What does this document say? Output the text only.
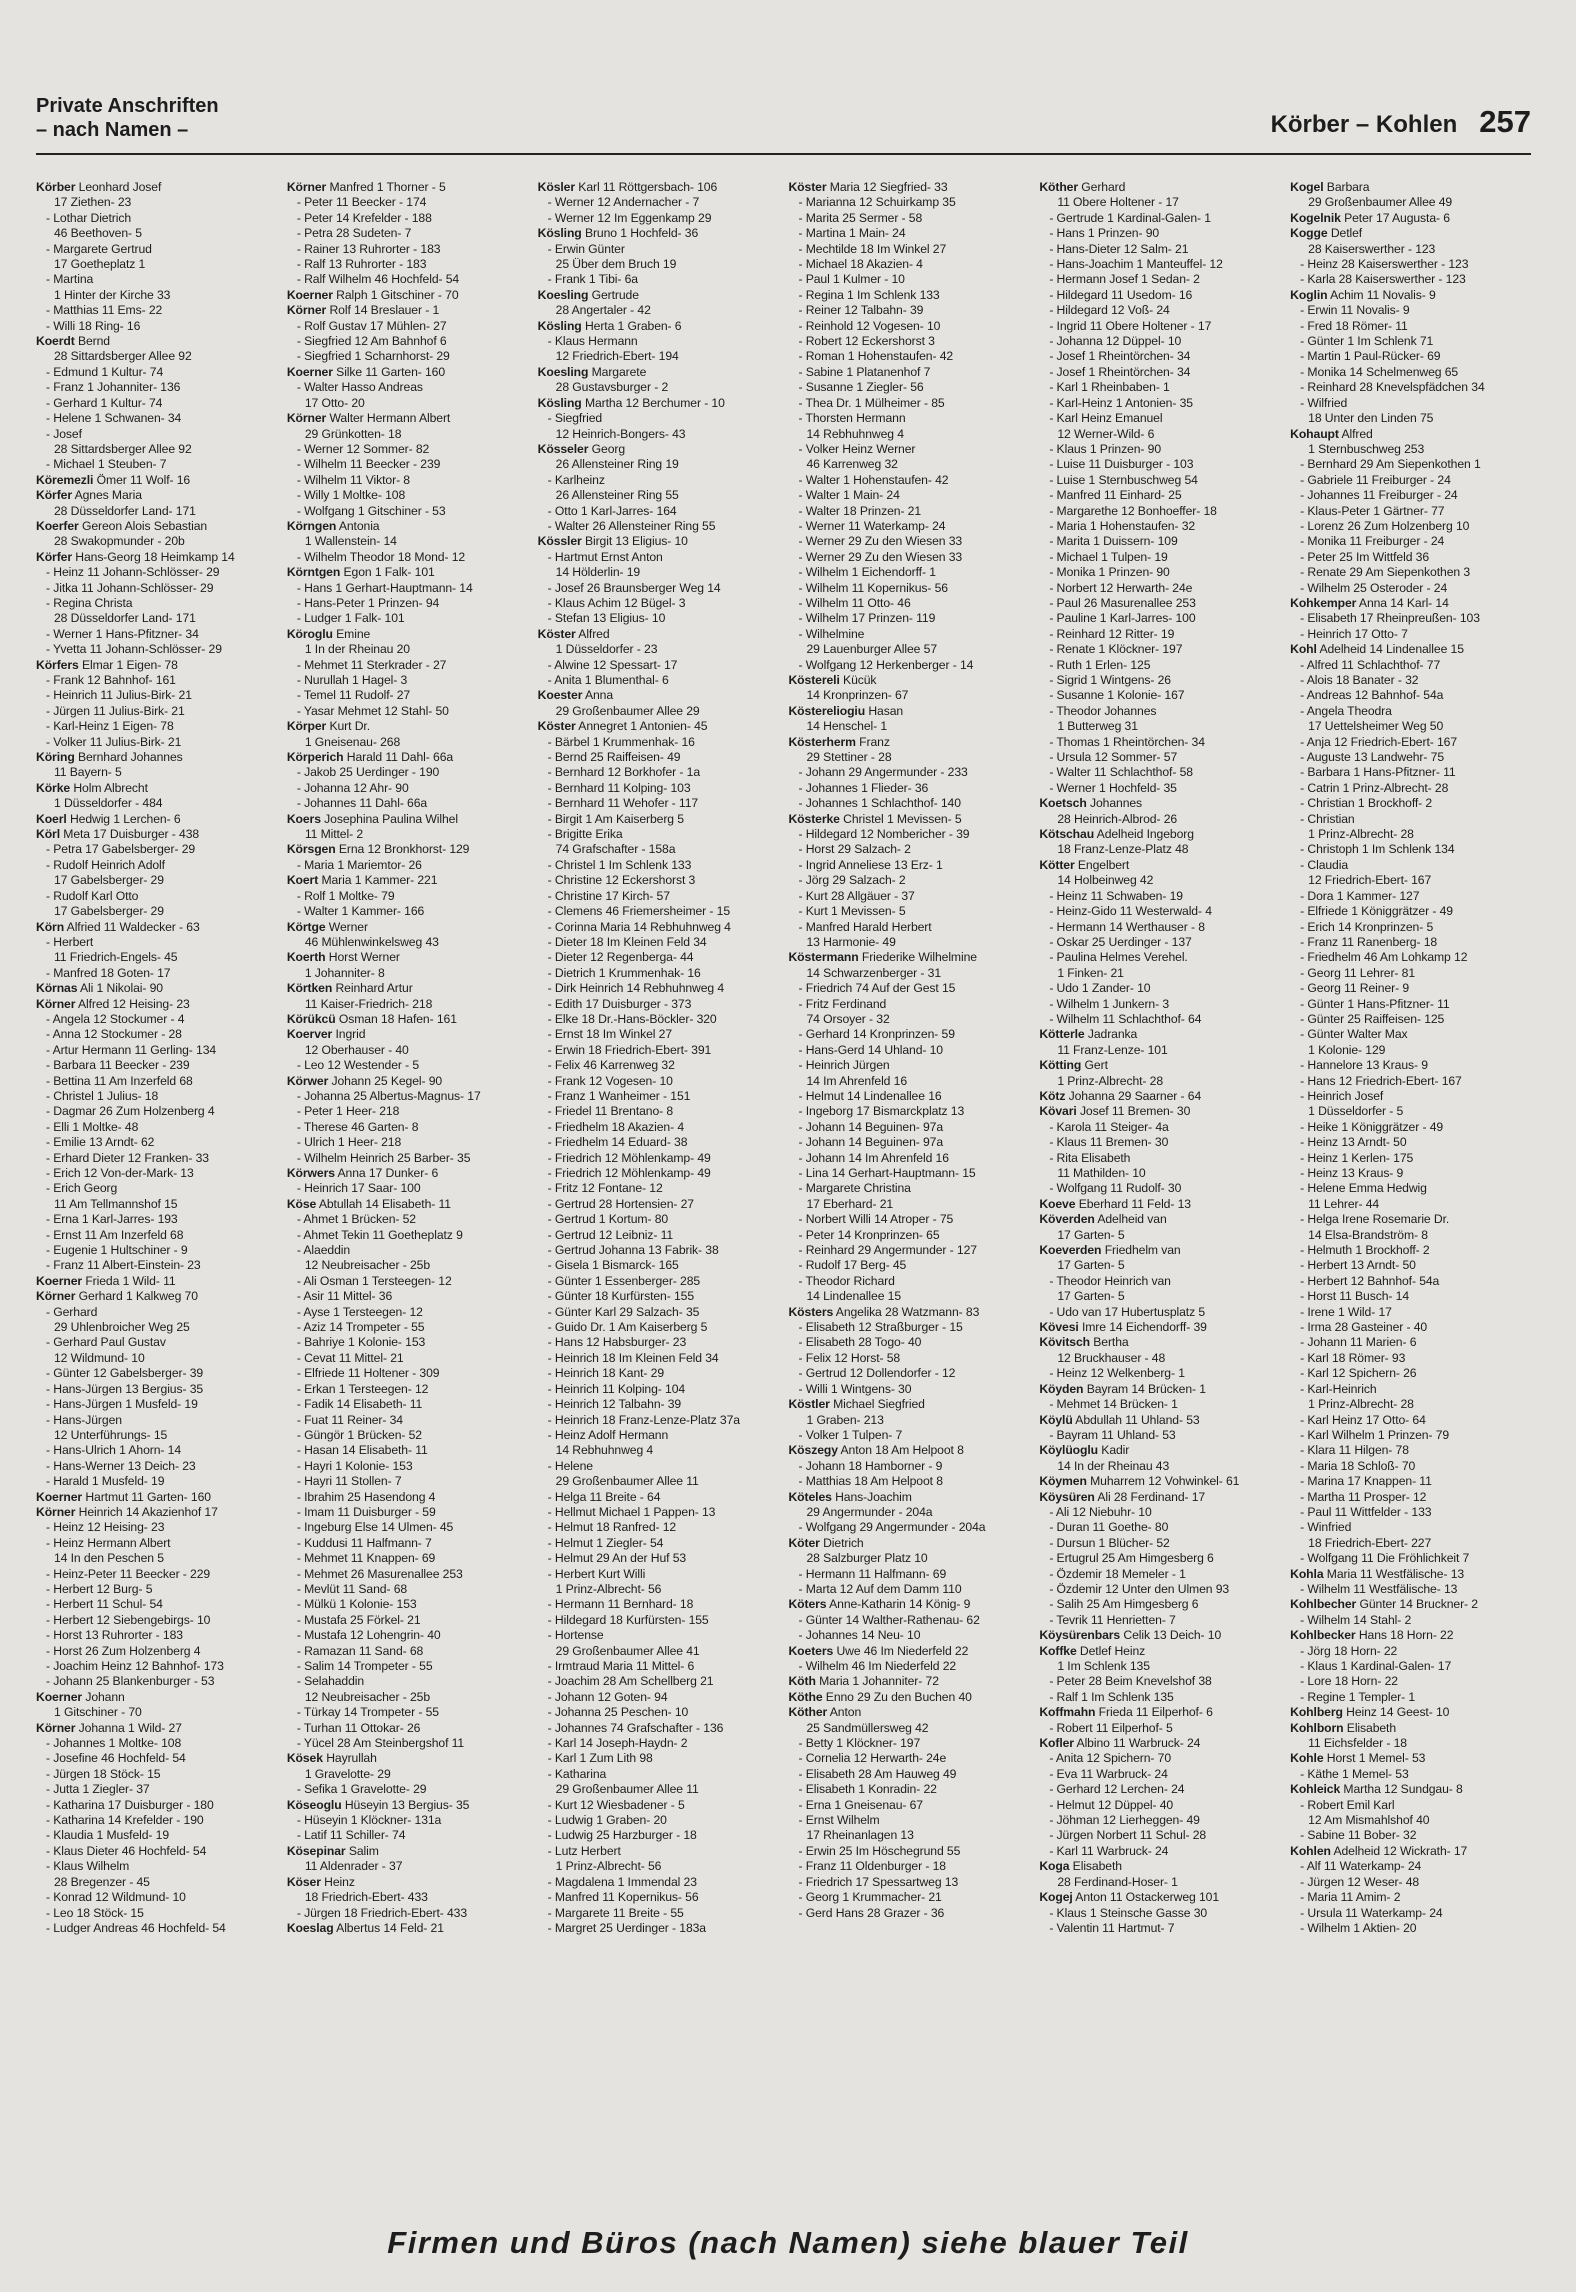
Private Anschriften
– nach Namen –	Körber – Kohlen 257
Körber Leonhard Josef
17 Ziethen- 23
- Lothar Dietrich
46 Beethoven- 5
- Margarete Gertrud
17 Goetheplatz 1
- Martina
1 Hinter der Kirche 33
- Matthias 11 Ems- 22
- Willi 18 Ring- 16
Koerdt Bernd
28 Sittardsberger Allee 92
- Edmund 1 Kultur- 74
- Franz 1 Johanniter- 136
- Gerhard 1 Kultur- 74
- Helene 1 Schwanen- 34
- Josef
28 Sittardsberger Allee 92
- Michael 1 Steuben- 7
Köremezli Ömer 11 Wolf- 16
Körfer Agnes Maria
28 Düsseldorfer Land- 171
Koerfer Gereon Alois Sebastian
28 Swakopmunder - 20b
Körfer Hans-Georg 18 Heimkamp 14
- Heinz 11 Johann-Schlösser- 29
- Jitka 11 Johann-Schlösser- 29
- Regina Christa
28 Düsseldorfer Land- 171
- Werner 1 Hans-Pfitzner- 34
- Yvetta 11 Johann-Schlösser- 29
Körfers Elmar 1 Eigen- 78
- Frank 12 Bahnhof- 161
- Heinrich 11 Julius-Birk- 21
- Jürgen 11 Julius-Birk- 21
- Karl-Heinz 1 Eigen- 78
- Volker 11 Julius-Birk- 21
Köring Bernhard Johannes
11 Bayern- 5
Körke Holm Albrecht
1 Düsseldorfer - 484
Koerl Hedwig 1 Lerchen- 6
Körl Meta 17 Duisburger - 438
- Petra 17 Gabelsberger- 29
- Rudolf Heinrich Adolf
17 Gabelsberger- 29
- Rudolf Karl Otto
17 Gabelsberger- 29
Körn Alfried 11 Waldecker - 63
- Herbert
11 Friedrich-Engels- 45
- Manfred 18 Goten- 17
Körnas Ali 1 Nikolai- 90
Körner Alfred 12 Heising- 23
- Angela 12 Stockumer - 4
- Anna 12 Stockumer - 28
- Artur Hermann 11 Gerling- 134
- Barbara 11 Beecker - 239
- Bettina 11 Am Inzerfeld 68
- Christel 1 Julius- 18
- Dagmar 26 Zum Holzenberg 4
- Elli 1 Moltke- 48
- Emilie 13 Arndt- 62
- Erhard Dieter 12 Franken- 33
- Erich 12 Von-der-Mark- 13
- Erich Georg
11 Am Tellmannshof 15
- Erna 1 Karl-Jarres- 193
- Ernst 11 Am Inzerfeld 68
- Eugenie 1 Hultschiner - 9
- Franz 11 Albert-Einstein- 23
Koerner Frieda 1 Wild- 11
Körner Gerhard 1 Kalkweg 70
- Gerhard
29 Uhlenbroicher Weg 25
- Gerhard Paul Gustav
12 Wildmund- 10
- Günter 12 Gabelsberger- 39
- Hans-Jürgen 13 Bergius- 35
- Hans-Jürgen 1 Musfeld- 19
- Hans-Jürgen
12 Unterführungs- 15
- Hans-Ulrich 1 Ahorn- 14
- Hans-Werner 13 Deich- 23
- Harald 1 Musfeld- 19
Koerner Hartmut 11 Garten- 160
Körner Heinrich 14 Akazienhof 17
- Heinz 12 Heising- 23
- Heinz Hermann Albert
14 In den Peschen 5
- Heinz-Peter 11 Beecker - 229
- Herbert 12 Burg- 5
- Herbert 11 Schul- 54
- Herbert 12 Siebengebirgs- 10
- Horst 13 Ruhrorter - 183
- Horst 26 Zum Holzenberg 4
- Joachim Heinz 12 Bahnhof- 173
- Johann 25 Blankenburger - 53
Koerner Johann
1 Gitschiner - 70
Körner Johanna 1 Wild- 27
- Johannes 1 Moltke- 108
- Josefine 46 Hochfeld- 54
- Jürgen 18 Stöck- 15
- Jutta 1 Ziegler- 37
- Katharina 17 Duisburger - 180
- Katharina 14 Krefelder - 190
- Klaudia 1 Musfeld- 19
- Klaus Dieter 46 Hochfeld- 54
- Klaus Wilhelm
28 Bregenzer - 45
- Konrad 12 Wildmund- 10
- Leo 18 Stöck- 15
- Ludger Andreas 46 Hochfeld- 54
Körner Manfred 1 Thorner - 5
- Peter 11 Beecker - 174
- Peter 14 Krefelder - 188
- Petra 28 Sudeten- 7
- Rainer 13 Ruhrorter - 183
- Ralf 13 Ruhrorter - 183
- Ralf Wilhelm 46 Hochfeld- 54
Koerner Ralph 1 Gitschiner - 70
Körner Rolf 14 Breslauer - 1
- Rolf Gustav 17 Mühlen- 27
- Siegfried 12 Am Bahnhof 6
- Siegfried 1 Scharnhorst- 29
Koerner Silke 11 Garten- 160
- Walter Hasso Andreas
17 Otto- 20
Körner Walter Hermann Albert
29 Grünkotten- 18
- Werner 12 Sommer- 82
- Wilhelm 11 Beecker - 239
- Wilhelm 11 Viktor- 8
- Willy 1 Moltke- 108
- Wolfgang 1 Gitschiner - 53
Körngen Antonia
1 Wallenstein- 14
- Wilhelm Theodor 18 Mond- 12
Körntgen Egon 1 Falk- 101
- Hans 1 Gerhart-Hauptmann- 14
- Hans-Peter 1 Prinzen- 94
- Ludger 1 Falk- 101
Köroglu Emine
1 In der Rheinau 20
- Mehmet 11 Sterkrader - 27
- Nurullah 1 Hagel- 3
- Temel 11 Rudolf- 27
- Yasar Mehmet 12 Stahl- 50
Körper Kurt Dr.
1 Gneisenau- 268
Körperich Harald 11 Dahl- 66a
- Jakob 25 Uerdinger - 190
- Johanna 12 Ahr- 90
- Johannes 11 Dahl- 66a
Koers Josephina Paulina Wilhel
11 Mittel- 2
Körsgen Erna 12 Bronkhorst- 129
- Maria 1 Mariemtor- 26
Koert Maria 1 Kammer- 221
- Rolf 1 Moltke- 79
- Walter 1 Kammer- 166
Körtge Werner
46 Mühlenwinkelsweg 43
Koerth Horst Werner
1 Johanniter- 8
Körtken Reinhard Artur
11 Kaiser-Friedrich- 218
Körükcü Osman 18 Hafen- 161
Koerver Ingrid
12 Oberhauser - 40
- Leo 12 Westender - 5
Körwer Johann 25 Kegel- 90
- Johanna 25 Albertus-Magnus- 17
- Peter 1 Heer- 218
- Therese 46 Garten- 8
- Ulrich 1 Heer- 218
- Wilhelm Heinrich 25 Barber- 35
Körwers Anna 17 Dunker- 6
- Heinrich 17 Saar- 100
Köse Abtullah 14 Elisabeth- 11
- Ahmet 1 Brücken- 52
- Ahmet Tekin 11 Goetheplatz 9
- Alaeddin
12 Neubreisacher - 25b
- Ali Osman 1 Tersteegen- 12
- Asir 11 Mittel- 36
- Ayse 1 Tersteegen- 12
- Aziz 14 Trompeter - 55
- Bahriye 1 Kolonie- 153
- Cevat 11 Mittel- 21
- Elfriede 11 Holtener - 309
- Erkan 1 Tersteegen- 12
- Fadik 14 Elisabeth- 11
- Fuat 11 Reiner- 34
- Güngör 1 Brücken- 52
- Hasan 14 Elisabeth- 11
- Hayri 1 Kolonie- 153
- Hayri 11 Stollen- 7
- Ibrahim 25 Hasendong 4
- Imam 11 Duisburger - 59
- Ingeburg Else 14 Ulmen- 45
- Kuddusi 11 Halfmann- 7
- Mehmet 11 Knappen- 69
- Mehmet 26 Masurenallee 253
- Mevlüt 11 Sand- 68
- Mülkü 1 Kolonie- 153
- Mustafa 25 Förkel- 21
- Mustafa 12 Lohengrin- 40
- Ramazan 11 Sand- 68
- Salim 14 Trompeter - 55
- Selahaddin
12 Neubreisacher - 25b
- Türkay 14 Trompeter - 55
- Turhan 11 Ottokar- 26
- Yücel 28 Am Steinbergshof 11
Kösek Hayrullah
1 Gravelotte- 29
- Sefika 1 Gravelotte- 29
Köseoglu Hüseyin 13 Bergius- 35
- Hüseyin 1 Klöckner- 131a
- Latif 11 Schiller- 74
Kösepinar Salim
11 Aldenrader - 37
Köser Heinz
18 Friedrich-Ebert- 433
- Jürgen 18 Friedrich-Ebert- 433
Koeslag Albertus 14 Feld- 21
Kösler Karl 11 Röttgersbach- 106
- Werner 12 Andernacher - 7
- Werner 12 Im Eggenkamp 29
Kösling Bruno 1 Hochfeld- 36
- Erwin Günter
25 Über dem Bruch 19
- Frank 1 Tibi- 6a
Koesling Gertrude
28 Angertaler - 42
Kösling Herta 1 Graben- 6
- Klaus Hermann
12 Friedrich-Ebert- 194
Koesling Margarete
28 Gustavsburger - 2
Kösling Martha 12 Berchumer - 10
- Siegfried
12 Heinrich-Bongers- 43
Kösseler Georg
26 Allensteiner Ring 19
- Karlheinz
26 Allensteiner Ring 55
- Otto 1 Karl-Jarres- 164
- Walter 26 Allensteiner Ring 55
Kössler Birgit 13 Eligius- 10
- Hartmut Ernst Anton
14 Hölderlin- 19
- Josef 26 Braunsberger Weg 14
- Klaus Achim 12 Bügel- 3
- Stefan 13 Eligius- 10
Köster Alfred
1 Düsseldorfer - 23
- Alwine 12 Spessart- 17
- Anita 1 Blumenthal- 6
Koester Anna
29 Großenbaumer Allee 29
Köster Annegret 1 Antonien- 45
- Bärbel 1 Krummenhak- 16
- Bernd 25 Raiffeisen- 49
- Bernhard 12 Borkhofer - 1a
- Bernhard 11 Kolping- 103
- Bernhard 11 Wehofer - 117
- Birgit 1 Am Kaiserberg 5
- Brigitte Erika
74 Grafschafter - 158a
- Christel 1 Im Schlenk 133
- Christine 12 Eckershorst 3
- Christine 17 Kirch- 57
- Clemens 46 Friemersheimer - 15
- Corinna Maria 14 Rebhuhnweg 4
- Dieter 18 Im Kleinen Feld 34
- Dieter 12 Regenberga- 44
- Dietrich 1 Krummenhak- 16
- Dirk Heinrich 14 Rebhuhnweg 4
- Edith 17 Duisburger - 373
- Elke 18 Dr.-Hans-Böckler- 320
- Ernst 18 Im Winkel 27
- Erwin 18 Friedrich-Ebert- 391
- Felix 46 Karrenweg 32
- Frank 12 Vogesen- 10
- Franz 1 Wanheimer - 151
- Friedel 11 Brentano- 8
- Friedhelm 18 Akazien- 4
- Friedhelm 14 Eduard- 38
- Friedrich 12 Möhlenkamp- 49
- Friedrich 12 Möhlenkamp- 49
- Fritz 12 Fontane- 12
- Gertrud 28 Hortensien- 27
- Gertrud 1 Kortum- 80
- Gertrud 12 Leibniz- 11
- Gertrud Johanna 13 Fabrik- 38
- Gisela 1 Bismarck- 165
- Günter 1 Essenberger- 285
- Günter 18 Kurfürsten- 155
- Günter Karl 29 Salzach- 35
- Guido Dr. 1 Am Kaiserberg 5
- Hans 12 Habsburger- 23
- Heinrich 18 Im Kleinen Feld 34
- Heinrich 18 Kant- 29
- Heinrich 11 Kolping- 104
- Heinrich 12 Talbahn- 39
- Heinrich 18 Franz-Lenze-Platz 37a
- Heinz Adolf Hermann
14 Rebhuhnweg 4
- Helene
29 Großenbaumer Allee 11
- Helga 11 Breite - 64
- Hellmut Michael 1 Pappen- 13
- Helmut 18 Ranfred- 12
- Helmut 1 Ziegler- 54
- Helmut 29 An der Huf 53
- Herbert Kurt Willi
1 Prinz-Albrecht- 56
- Hermann 11 Bernhard- 18
- Hildegard 18 Kurfürsten- 155
- Hortense
29 Großenbaumer Allee 41
- Irmtraud Maria 11 Mittel- 6
- Joachim 28 Am Schellberg 21
- Johann 12 Goten- 94
- Johanna 25 Peschen- 10
- Johannes 74 Grafschafter - 136
- Karl 14 Joseph-Haydn- 2
- Karl 1 Zum Lith 98
- Katharina
29 Großenbaumer Allee 11
- Kurt 12 Wiesbadener - 5
- Ludwig 1 Graben- 20
- Ludwig 25 Harzburger - 18
- Lutz Herbert
1 Prinz-Albrecht- 56
- Magdalena 1 Immendal 23
- Manfred 11 Kopernikus- 56
- Margarete 11 Breite - 55
- Margret 25 Uerdinger - 183a
Köster Maria 12 Siegfried- 33
- Marianna 12 Schuirkamp 35
- Marita 25 Sermer - 58
- Martina 1 Main- 24
- Mechtilde 18 Im Winkel 27
- Michael 18 Akazien- 4
- Paul 1 Kulmer - 10
- Regina 1 Im Schlenk 133
- Reiner 12 Talbahn- 39
- Reinhold 12 Vogesen- 10
- Robert 12 Eckershorst 3
- Roman 1 Hohenstaufen- 42
- Sabine 1 Platanenhof 7
- Susanne 1 Ziegler- 56
- Thea Dr. 1 Mülheimer - 85
- Thorsten Hermann
14 Rebhuhnweg 4
- Volker Heinz Werner
46 Karrenweg 32
- Walter 1 Hohenstaufen- 42
- Walter 1 Main- 24
- Walter 18 Prinzen- 21
- Werner 11 Waterkamp- 24
- Werner 29 Zu den Wiesen 33
- Werner 29 Zu den Wiesen 33
- Wilhelm 1 Eichendorff- 1
- Wilhelm 11 Kopernikus- 56
- Wilhelm 11 Otto- 46
- Wilhelm 17 Prinzen- 119
- Wilhelmine
29 Lauenburger Allee 57
- Wolfgang 12 Herkenberger - 14
Köstereli Kücük
14 Kronprinzen- 67
Köstereliogiu Hasan
14 Henschel- 1
Kösterherm Franz
29 Stettiner - 28
- Johann 29 Angermunder - 233
- Johannes 1 Flieder- 36
- Johannes 1 Schlachthof- 140
Kösterke Christel 1 Mevissen- 5
- Hildegard 12 Nombericher - 39
- Horst 29 Salzach- 2
- Ingrid Anneliese 13 Erz- 1
- Jörg 29 Salzach- 2
- Kurt 28 Allgäuer - 37
- Kurt 1 Mevissen- 5
- Manfred Harald Herbert
13 Harmonie- 49
Köstermann Friederike Wilhelmine
14 Schwarzenberger - 31
- Friedrich 74 Auf der Gest 15
- Fritz Ferdinand
74 Orsoyer - 32
- Gerhard 14 Kronprinzen- 59
- Hans-Gerd 14 Uhland- 10
- Heinrich Jürgen
14 Im Ahrenfeld 16
- Helmut 14 Lindenallee 16
- Ingeborg 17 Bismarckplatz 13
- Johann 14 Beguinen- 97a
- Johann 14 Beguinen- 97a
- Johann 14 Im Ahrenfeld 16
- Lina 14 Gerhart-Hauptmann- 15
- Margarete Christina
17 Eberhard- 21
- Norbert Willi 14 Atroper - 75
- Peter 14 Kronprinzen- 65
- Reinhard 29 Angermunder - 127
- Rudolf 17 Berg- 45
- Theodor Richard
14 Lindenallee 15
Kösters Angelika 28 Watzmann- 83
- Elisabeth 12 Straßburger - 15
- Elisabeth 28 Togo- 40
- Felix 12 Horst- 58
- Gertrud 12 Dollendorfer - 12
- Willi 1 Wintgens- 30
Köstler Michael Siegfried
1 Graben- 213
- Volker 1 Tulpen- 7
Köszegy Anton 18 Am Helpoot 8
- Johann 18 Hamborner - 9
- Matthias 18 Am Helpoot 8
Köteles Hans-Joachim
29 Angermunder - 204a
- Wolfgang 29 Angermunder - 204a
Köter Dietrich
28 Salzburger Platz 10
- Hermann 11 Halfmann- 69
- Marta 12 Auf dem Damm 110
Köters Anne-Katharin 14 König- 9
- Günter 14 Walther-Rathenau- 62
- Johannes 14 Neu- 10
Koeters Uwe 46 Im Niederfeld 22
- Wilhelm 46 Im Niederfeld 22
Köth Maria 1 Johanniter- 72
Köthe Enno 29 Zu den Buchen 40
Köther Anton
25 Sandmüllersweg 42
- Betty 1 Klöckner- 197
- Cornelia 12 Herwarth- 24e
- Elisabeth 28 Am Hauweg 49
- Elisabeth 1 Konradin- 22
- Erna 1 Gneisenau- 67
- Ernst Wilhelm
17 Rheinanlagen 13
- Erwin 25 Im Höschegrund 55
- Franz 11 Oldenburger - 18
- Friedrich 17 Spessartweg 13
- Georg 1 Krummacher- 21
- Gerd Hans 28 Grazer - 36
Köther Gerhard
11 Obere Holtener - 17
- Gertrude 1 Kardinal-Galen- 1
- Hans 1 Prinzen- 90
- Hans-Dieter 12 Salm- 21
- Hans-Joachim 1 Manteuffel- 12
- Hermann Josef 1 Sedan- 2
- Hildegard 11 Usedom- 16
- Hildegard 12 Voß- 24
- Ingrid 11 Obere Holtener - 17
- Johanna 12 Düppel- 10
- Josef 1 Rheintörchen- 34
- Josef 1 Rheintörchen- 34
- Karl 1 Rheinbaben- 1
- Karl-Heinz 1 Antonien- 35
- Karl Heinz Emanuel
12 Werner-Wild- 6
- Klaus 1 Prinzen- 90
- Luise 11 Duisburger - 103
- Luise 1 Sternbuschweg 54
- Manfred 11 Einhard- 25
- Margarethe 12 Bonhoeffer- 18
- Maria 1 Hohenstaufen- 32
- Marita 1 Duissern- 109
- Michael 1 Tulpen- 19
- Monika 1 Prinzen- 90
- Norbert 12 Herwarth- 24e
- Paul 26 Masurenallee 253
- Pauline 1 Karl-Jarres- 100
- Reinhard 12 Ritter- 19
- Renate 1 Klöckner- 197
- Ruth 1 Erlen- 125
- Sigrid 1 Wintgens- 26
- Susanne 1 Kolonie- 167
- Theodor Johannes
1 Butterweg 31
- Thomas 1 Rheintörchen- 34
- Ursula 12 Sommer- 57
- Walter 11 Schlachthof- 58
- Werner 1 Hochfeld- 35
Koetsch Johannes
28 Heinrich-Albrod- 26
Kötschau Adelheid Ingeborg
18 Franz-Lenze-Platz 48
Kötter Engelbert
14 Holbeinweg 42
- Heinz 11 Schwaben- 19
- Heinz-Gido 11 Westerwald- 4
- Hermann 14 Werthauser - 8
- Oskar 25 Uerdinger - 137
- Paulina Helmes Verehel.
1 Finken- 21
- Udo 1 Zander- 10
- Wilhelm 1 Junkern- 3
- Wilhelm 11 Schlachthof- 64
Kötterle Jadranka
11 Franz-Lenze- 101
Kötting Gert
1 Prinz-Albrecht- 28
Kötz Johanna 29 Saarner - 64
Kövari Josef 11 Bremen- 30
- Karola 11 Steiger- 4a
- Klaus 11 Bremen- 30
- Rita Elisabeth
11 Mathilden- 10
- Wolfgang 11 Rudolf- 30
Koeve Eberhard 11 Feld- 13
Köverden Adelheid van
17 Garten- 5
Koeverden Friedhelm van
17 Garten- 5
- Theodor Heinrich van
17 Garten- 5
- Udo van 17 Hubertusplatz 5
Kövesi Imre 14 Eichendorff- 39
Kövitsch Bertha
12 Bruckhauser - 48
- Heinz 12 Welkenberg- 1
Köyden Bayram 14 Brücken- 1
- Mehmet 14 Brücken- 1
Köylü Abdullah 11 Uhland- 53
- Bayram 11 Uhland- 53
Köylüoglu Kadir
14 In der Rheinau 43
Köymen Muharrem 12 Vohwinkel- 61
Köysüren Ali 28 Ferdinand- 17
- Ali 12 Niebuhr- 10
- Duran 11 Goethe- 80
- Dursun 1 Blücher- 52
- Ertugrul 25 Am Himgesberg 6
- Özdemir 18 Memeler - 1
- Özdemir 12 Unter den Ulmen 93
- Salih 25 Am Himgesberg 6
- Tevrik 11 Henrietten- 7
Köysürenbars Celik 13 Deich- 10
Koffke Detlef Heinz
1 Im Schlenk 135
- Peter 28 Beim Knevelshof 38
- Ralf 1 Im Schlenk 135
Koffmahn Frieda 11 Eilperhof- 6
- Robert 11 Eilperhof- 5
Kofler Albino 11 Warbruck- 24
- Anita 12 Spichern- 70
- Eva 11 Warbruck- 24
- Gerhard 12 Lerchen- 24
- Helmut 12 Düppel- 40
- Jöhman 12 Lierheggen- 49
- Jürgen Norbert 11 Schul- 28
- Karl 11 Warbruck- 24
Koga Elisabeth
28 Ferdinand-Hoser- 1
Kogej Anton 11 Ostackerweg 101
- Klaus 1 Steinsche Gasse 30
- Valentin 11 Hartmut- 7
Kogel Barbara
29 Großenbaumer Allee 49
Kogelnik Peter 17 Augusta- 6
Kogge Detlef
28 Kaiserswerther - 123
- Heinz 28 Kaiserswerther - 123
- Karla 28 Kaiserswerther - 123
Koglin Achim 11 Novalis- 9
- Erwin 11 Novalis- 9
- Fred 18 Römer- 11
- Günter 1 Im Schlenk 71
- Martin 1 Paul-Rücker- 69
- Monika 14 Schelmenweg 65
- Reinhard 28 Knevelspfädchen 34
- Wilfried
18 Unter den Linden 75
Kohaupt Alfred
1 Sternbuschweg 253
- Bernhard 29 Am Siepenkothen 1
- Gabriele 11 Freiburger - 24
- Johannes 11 Freiburger - 24
- Klaus-Peter 1 Gärtner- 77
- Lorenz 26 Zum Holzenberg 10
- Monika 11 Freiburger - 24
- Peter 25 Im Wittfeld 36
- Renate 29 Am Siepenkothen 3
- Wilhelm 25 Osteroder - 24
Kohkemper Anna 14 Karl- 14
- Elisabeth 17 Rheinpreußen- 103
- Heinrich 17 Otto- 7
Kohl Adelheid 14 Lindenallee 15
- Alfred 11 Schlachthof- 77
- Alois 18 Banater - 32
- Andreas 12 Bahnhof- 54a
- Angela Theodra
17 Uettelsheimer Weg 50
- Anja 12 Friedrich-Ebert- 167
- Auguste 13 Landwehr- 75
- Barbara 1 Hans-Pfitzner- 11
- Catrin 1 Prinz-Albrecht- 28
- Christian 1 Brockhoff- 2
- Christian
1 Prinz-Albrecht- 28
- Christoph 1 Im Schlenk 134
- Claudia
12 Friedrich-Ebert- 167
- Dora 1 Kammer- 127
- Elfriede 1 Königgrätzer - 49
- Erich 14 Kronprinzen- 5
- Franz 11 Ranenberg- 18
- Friedhelm 46 Am Lohkamp 12
- Georg 11 Lehrer- 81
- Georg 11 Reiner- 9
- Günter 1 Hans-Pfitzner- 11
- Günter 25 Raiffeisen- 125
- Günter Walter Max
1 Kolonie- 129
- Hannelore 13 Kraus- 9
- Hans 12 Friedrich-Ebert- 167
- Heinrich Josef
1 Düsseldorfer - 5
- Heike 1 Königgrätzer - 49
- Heinz 13 Arndt- 50
- Heinz 1 Kerlen- 175
- Heinz 13 Kraus- 9
- Helene Emma Hedwig
11 Lehrer- 44
- Helga Irene Rosemarie Dr.
14 Elsa-Brandström- 8
- Helmuth 1 Brockhoff- 2
- Herbert 13 Arndt- 50
- Herbert 12 Bahnhof- 54a
- Horst 11 Busch- 14
- Irene 1 Wild- 17
- Irma 28 Gasteiner - 40
- Johann 11 Marien- 6
- Karl 18 Römer- 93
- Karl 12 Spichern- 26
- Karl-Heinrich
1 Prinz-Albrecht- 28
- Karl Heinz 17 Otto- 64
- Karl Wilhelm 1 Prinzen- 79
- Klara 11 Hilgen- 78
- Maria 18 Schloß- 70
- Marina 17 Knappen- 11
- Martha 11 Prosper- 12
- Paul 11 Wittfelder - 133
- Winfried
18 Friedrich-Ebert- 227
- Wolfgang 11 Die Fröhlichkeit 7
Kohla Maria 11 Westfälische- 13
- Wilhelm 11 Westfälische- 13
Kohlbecher Günter 14 Bruckner- 2
- Wilhelm 14 Stahl- 2
Kohlbecker Hans 18 Horn- 22
- Jörg 18 Horn- 22
- Klaus 1 Kardinal-Galen- 17
- Lore 18 Horn- 22
- Regine 1 Templer- 1
Kohlberg Heinz 14 Geest- 10
Kohlborn Elisabeth
11 Eichsfelder - 18
Kohle Horst 1 Memel- 53
- Käthe 1 Memel- 53
Kohleick Martha 12 Sundgau- 8
- Robert Emil Karl
12 Am Mismahlshof 40
- Sabine 11 Bober- 32
Kohlen Adelheid 12 Wickrath- 17
- Alf 11 Waterkamp- 24
- Jürgen 12 Weser- 48
- Maria 11 Amim- 2
- Ursula 11 Waterkamp- 24
- Wilhelm 1 Aktien- 20
Firmen und Büros (nach Namen) siehe blauer Teil
